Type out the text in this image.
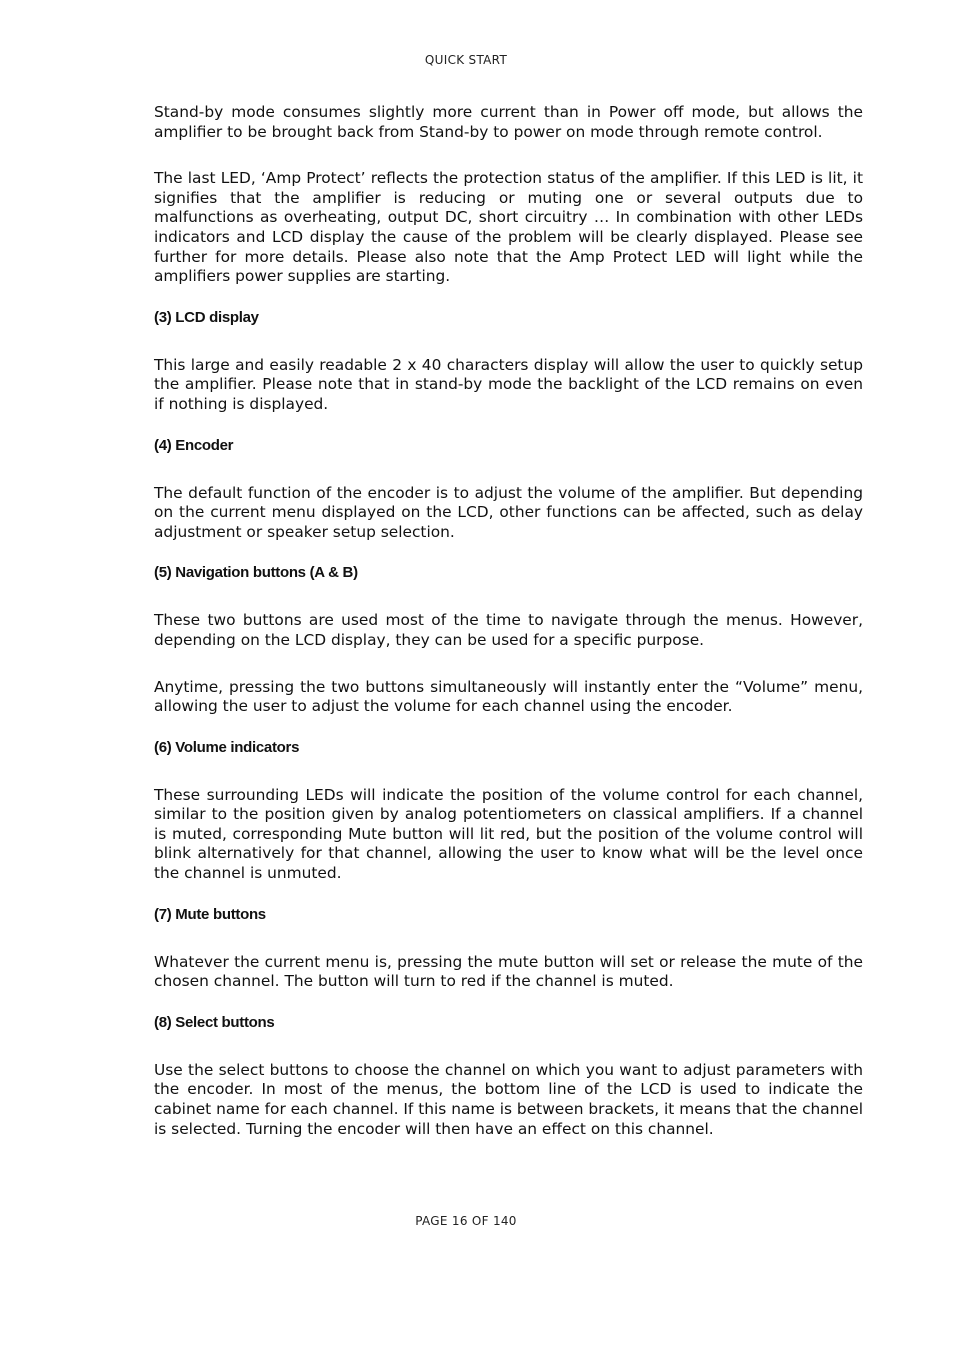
QUICK START

Stand-by mode consumes slightly more current than in Power off mode, but allows the amplifier to be brought back from Stand-by to power on mode through remote control.

The last LED, ‘Amp Protect’ reflects the protection status of the amplifier. If this LED is lit, it signifies that the amplifier is reducing or muting one or several outputs due to malfunctions as overheating, output DC, short circuitry … In combination with other LEDs indicators and LCD display the cause of the problem will be clearly displayed. Please see further for more details. Please also note that the Amp Protect LED will light while the amplifiers power supplies are starting.

(3) LCD display

This large and easily readable 2 x 40 characters display will allow the user to quickly setup the amplifier. Please note that in stand-by mode the backlight of the LCD remains on even if nothing is displayed.

(4) Encoder

The default function of the encoder is to adjust the volume of the amplifier. But depending on the current menu displayed on the LCD, other functions can be affected, such as delay adjustment or speaker setup selection.

(5) Navigation buttons (A & B)

These two buttons are used most of the time to navigate through the menus. However, depending on the LCD display, they can be used for a specific purpose.

Anytime, pressing the two buttons simultaneously will instantly enter the “Volume” menu, allowing the user to adjust the volume for each channel using the encoder.

(6) Volume indicators

These surrounding LEDs will indicate the position of the volume control for each channel, similar to the position given by analog potentiometers on classical amplifiers. If a channel is muted, corresponding Mute button will lit red, but the position of the volume control will blink alternatively for that channel, allowing the user to know what will be the level once the channel is unmuted.

(7) Mute buttons

Whatever the current menu is, pressing the mute button will set or release the mute of the chosen channel. The button will turn to red if the channel is muted.

(8) Select buttons

Use the select buttons to choose the channel on which you want to adjust parameters with the encoder. In most of the menus, the bottom line of the LCD is used to indicate the cabinet name for each channel. If this name is between brackets, it means that the channel is selected. Turning the encoder will then have an effect on this channel.

PAGE 16 OF 140
